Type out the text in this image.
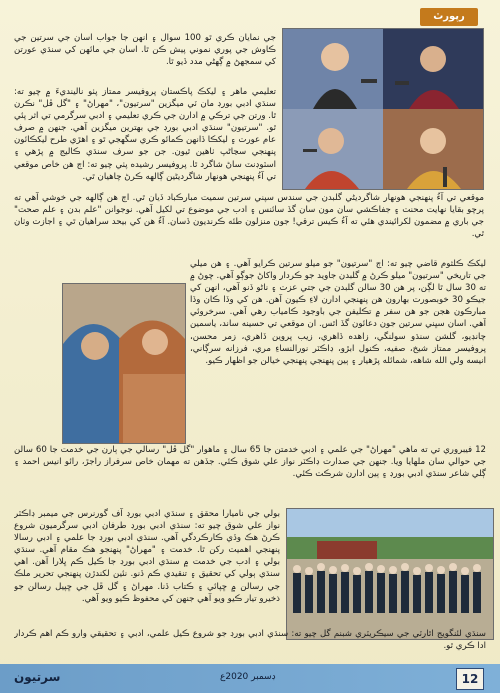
رپورٽ

جي نمايان ڪري ٿو 100 سوال ۽ انهن جا جواب اسان جي سرتين جي ڪاوش جي پوري نموني پيش ڪن ٿا. اسان جي مائهن کي سنڌي عورتن کي سمجهڻ ۾ ڳهڻي مدد ڏيو ٿا.

تعليمي ماهر ۽ ليکڪ پاڪستان پروفيسر ممتاز پٺو نالينديءَ ۾ چيو ته: سنڌي ادبي بورڊ مان ٽي ميگزين "سرتيون"، "مهراڻ" ۽ "گل ڦل" نڪرن ٿا. ورتن جي ترڪي ۾ ادارن جي ڪري تعليمي ۽ ادبي سرگرمي تي اثر پئي ٿو. "سرتيون" سنڌي ادبي بورڊ جي بهترين ميگزين آهي. جنهن ۾ صرف عام عورت ۽ ليکڪا ڏانهن ڪمائو ڪري سگهجي ٿو ۽ اهڙي طرح ليکڪائون پنهنجي سڃاڻپ ٺاهين ٿيون. جن جو سرف سنڌي ڪاليج ۾ پڙهي ۽ اسٽوڊنٽ ساڻ شاگرد ٿا. پروفيسر رشيده پٺي چيو ته: اڄ هن خاص موقعي تي آءُ پنهنجي هونهار شاگرديڻين ڳالهه ڪرڻ چاهيان ٿي.

موقعي تي آءُ پنهنجي هونهار شاگرديڻي گلبدن جي سندس سپني سرتين سميت مبارڪباد ڏيان ٿي. اڄ هن ڳالهه جي خوشي آهي ته پرچو بقايا نهايت محنت ۽ جفاڪشي سان مون سان گڏ سائنس ۽ ادب جي موضوع تي لکيل آهي. نوجوانن "علم بدن ۽ علم صحت" جي باري ۾ مضمون لکرائيندي هئي ته آءُ ڪيس ترقي! جون منزلون طئه ڪرنديون ڏسان. آءُ هن کي بيحد سراهيان ٿي ۽ اجازت وٺان ٿي.

ليکڪ ڪلثوم قاضي چيو ته: اڄ "سرتيون" جو ميلو سرتين ڪرايو آهي. ۽ هن ميلي جي تاريخي "سرتيون" ميلو ڪرڻ ۾ گلبدن جاويد جو ڪردار واکاڻ جوڳو آهي. چوڻ ۾ ته 30 سال ٿا لڳن، پر هن 30 سالن گلبدن جي جتي عزت ۽ ناڻو ڏنو آهي، انهن کي جيڪو 30 خوبصورت بهارون هن پنهنجي ادارن لاءِ ڪيون آهن. هن کي وڏا ڪان وڏا مبارڪون هجن جو هن سفر ۾ تڪليفن جي باوجود ڪامياب رهي آهي. سرخروئي آهي. اسان سڀني سرتين جون دعائون گڏ اٿس. ان موقعي تي حسينه ساند، ياسمين چانڊيو، گلشن سنڌو سولنگي، زاهده ڏاهري، زيب پروين ڏاهري، زمر محسن، پروفيسر ممتاز شيخ، صفيه، ڪنول ابڙو، ڊاڪٽر نورالنساءِ مري، فرزانه سرڳاني، انيسه ولي الله شاهه، شمائله پڙهيار ۽ ٻين پنهنجي پنهنجي خيالن جو اظهار ڪيو.

12 فيبروري تي ته ماهي "مهراڻ" جي علمي ۽ ادبي خدمتن جا 65 سال ۽ ماهوار "گل ڦل" رسالي جي ٻارن جي خدمت جا 60 سالن جي حوالي سان ملهايا ويا. جنهن جي صدارت ڊاڪٽر نواز علي شوق ڪئي. جڏهن ته مهمان خاص سرفراز راجڙ، رائو انيس احمد ۽ ڳلي شاعر سنڌي ادبي بورڊ ۽ ٻين ادارن شرڪت ڪئي.

بولي جي ناميارا محقق ۽ سنڌي ادبي بورڊ آف گورنرس جي ميمبر ڊاڪٽر نواز علي شوق چيو ته: سنڌي ادبي بورڊ طرفان ادبي سرگرميون شروع ڪرڻ هڪ وڏي ڪارڪردگي آهي. سنڌي ادبي بورڊ جا علمي ۽ ادبي رسالا پنهنجي اهميت رکن ٿا. خدمت ۽ "مهراڻ" پنهنجو هڪ مقام آهي. سنڌي بولي ۽ ادب جي خدمت ۾ سنڌي ادبي بورڊ جا ڪيل ڪم ڀلارا آهن. اهي سنڌي ٻولي کي تحقيق ۽ تنقيدي ڪم ڏنو. نئين لکندڙن پنهنجي تحرير ملڪ جي رسالن ۾ ڇپائي ۽ ڪتاب ڏنا. مهراڻ ۽ گل ڦل جي ڇپيل رسالن جو ذخيرو تيار ڪيو ويو آهي جنهن کي محفوظ ڪيو ويو آهي.

سنڌي لئنگويج اٿارٽي جي سيڪريٽري شبنم گل چيو ته: سنڌي ادبي بورڊ جو شروع ڪيل علمي، ادبي ۽ تحقيقي وارو ڪم اهم ڪردار ادا ڪري ٿو.

سرتيون	ڊسمبر 2020ع	12
